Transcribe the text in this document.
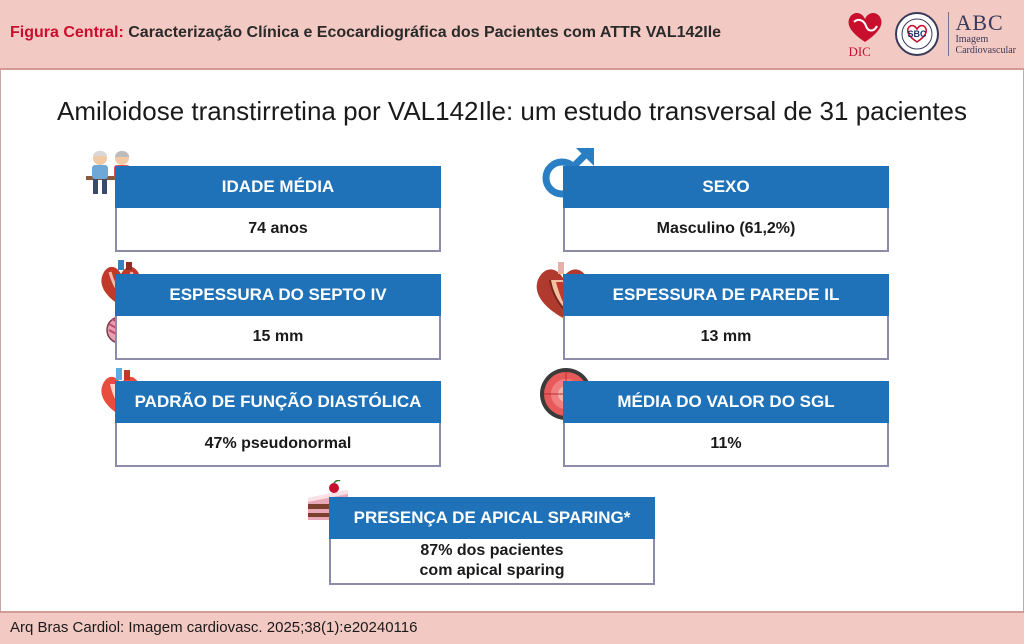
Figura Central: Caracterização Clínica e Ecocardiográfica dos Pacientes com ATTR VAL142Ile
DIC
SBC ABC
Imagem
Cardiovascular
Amiloidose transtirretina por VAL142Ile: um estudo transversal de 31 pacientes
IDADE MÉDIA
74 anos
SEXO
Masculino (61,2%)
ESPESSURA DO SEPTO IV
15 mm
ESPESSURA DE PAREDE IL
13 mm
PADRÃO DE FUNÇÃO DIASTÓLICA
47% pseudonormal
MÉDIA DO VALOR DO SGL
11%
PRESENÇA DE APICAL SPARING*
87% dos pacientes
com apical sparing
Arq Bras Cardiol: Imagem cardiovasc. 2025;38(1):e20240116
